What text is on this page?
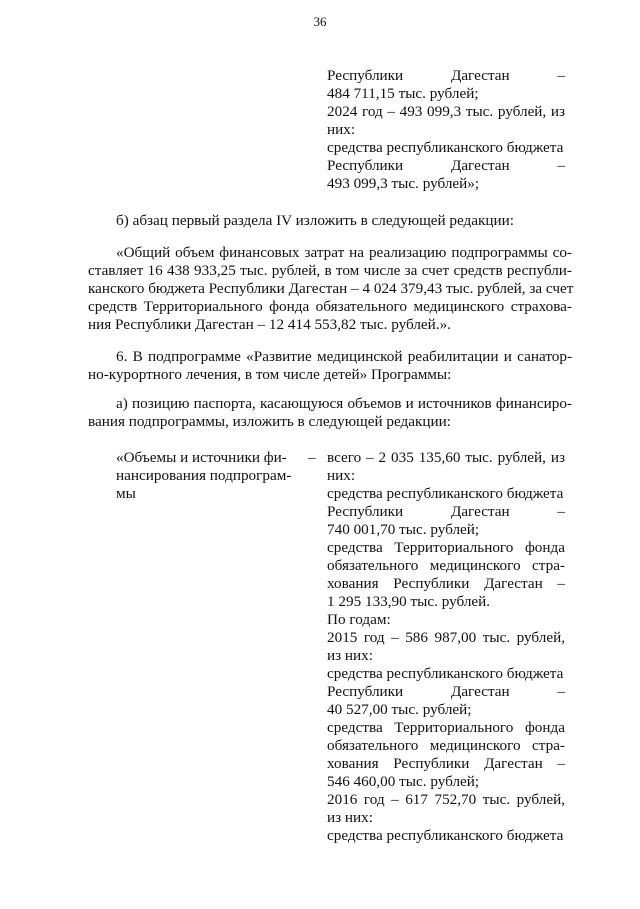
36
Республики Дагестан –
484 711,15 тыс. рублей;
2024 год – 493 099,3 тыс. рублей, из
них:
средства республиканского бюджета
Республики Дагестан –
493 099,3 тыс. рублей»;
б) абзац первый раздела IV изложить в следующей редакции:
«Общий объем финансовых затрат на реализацию подпрограммы со-
ставляет 16 438 933,25 тыс. рублей, в том числе за счет средств республи-
канского бюджета Республики Дагестан – 4 024 379,43 тыс. рублей, за счет
средств Территориального фонда обязательного медицинского страхова-
ния Республики Дагестан – 12 414 553,82 тыс. рублей.».
6. В подпрограмме «Развитие медицинской реабилитации и санатор-
но-курортного лечения, в том числе детей» Программы:
а) позицию паспорта, касающуюся объемов и источников финансиро-
вания подпрограммы, изложить в следующей редакции:
«Объемы и источники фи-
нансирования подпрограм-
мы
– всего – 2 035 135,60 тыс. рублей, из
них:
средства республиканского бюджета
Республики Дагестан –
740 001,70 тыс. рублей;
средства Территориального фонда
обязательного медицинского стра-
хования Республики Дагестан –
1 295 133,90 тыс. рублей.
По годам:
2015 год – 586 987,00 тыс. рублей,
из них:
средства республиканского бюджета
Республики Дагестан –
40 527,00 тыс. рублей;
средства Территориального фонда
обязательного медицинского стра-
хования Республики Дагестан –
546 460,00 тыс. рублей;
2016 год – 617 752,70 тыс. рублей,
из них:
средства республиканского бюджета
